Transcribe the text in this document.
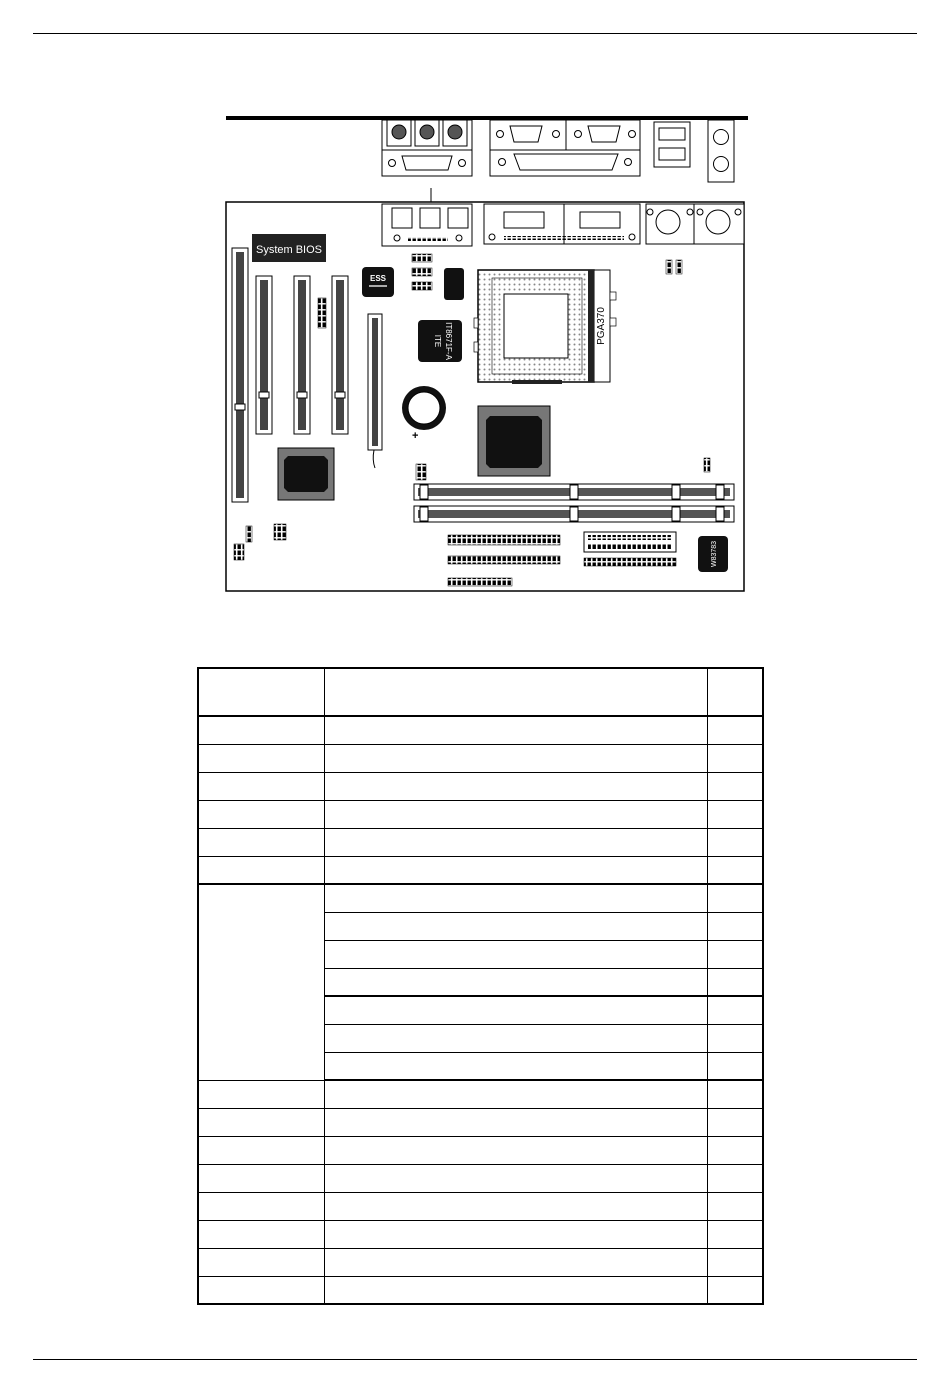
System BIOS
ESS
ITE IT8671F-A
+
PGA370
W83783
